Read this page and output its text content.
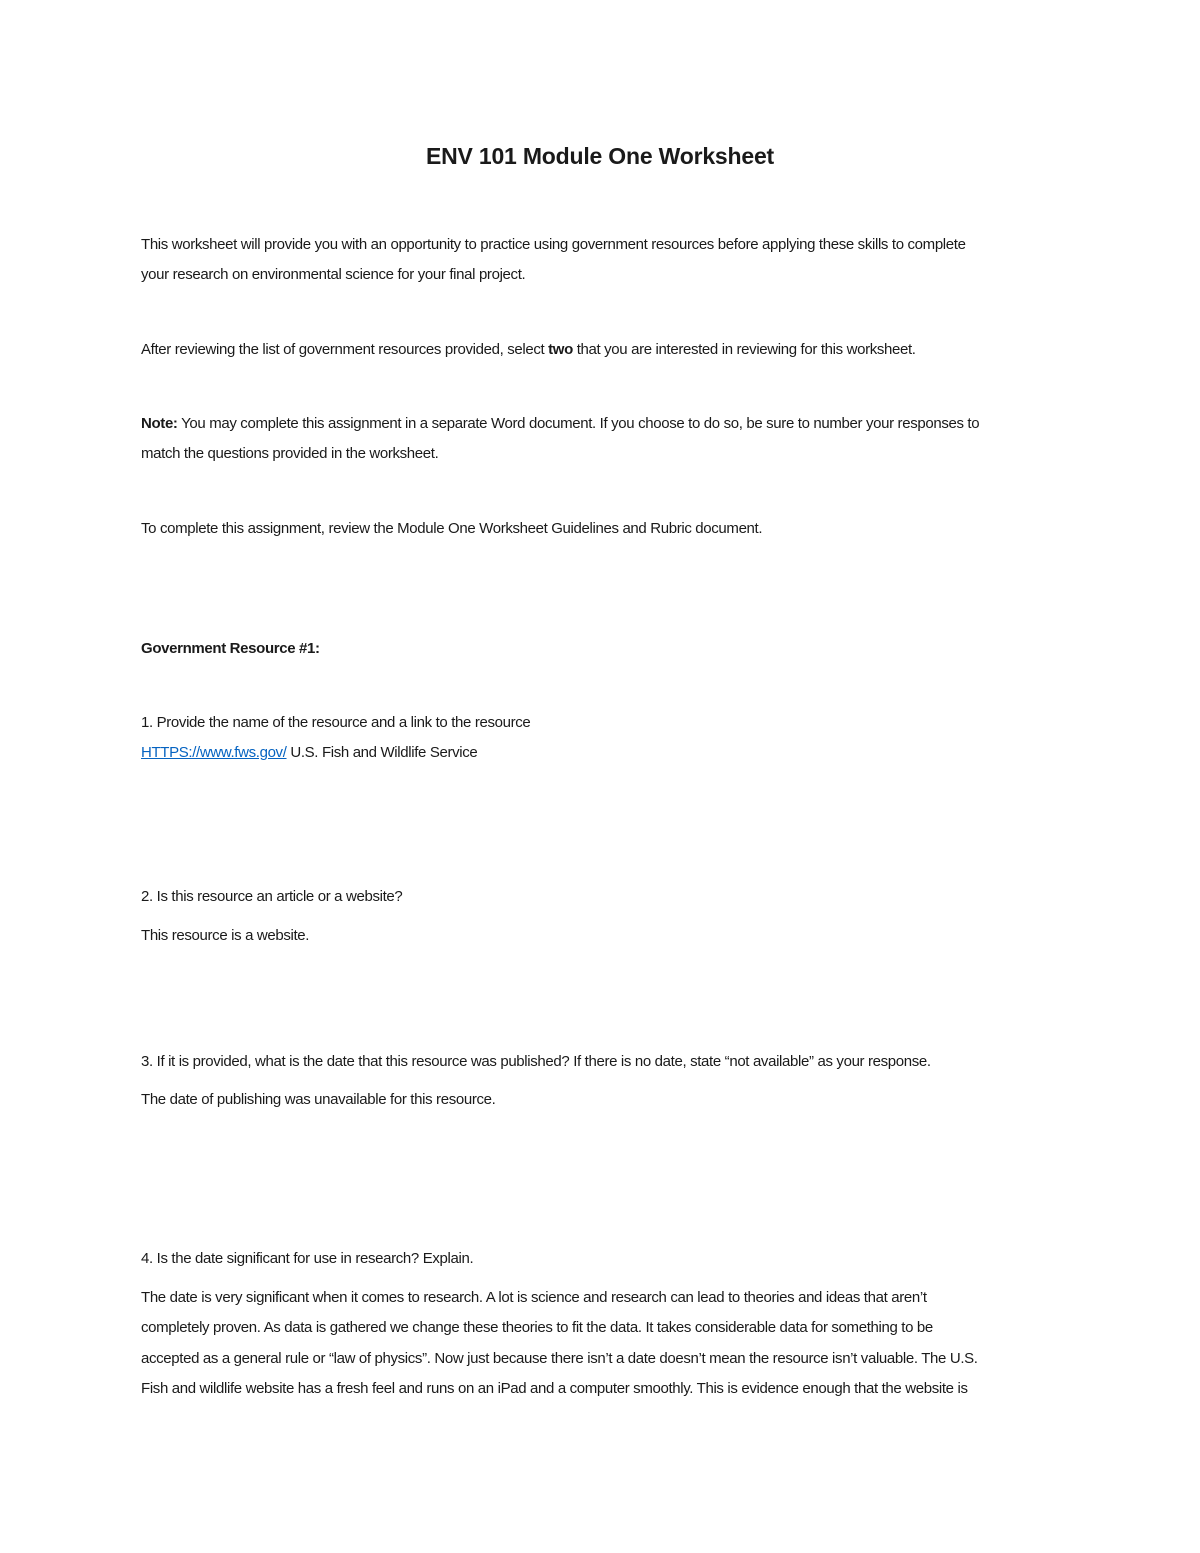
ENV 101 Module One Worksheet
This worksheet will provide you with an opportunity to practice using government resources before applying these skills to complete
your research on environmental science for your final project.
After reviewing the list of government resources provided, select two that you are interested in reviewing for this worksheet.
Note: You may complete this assignment in a separate Word document. If you choose to do so, be sure to number your responses to
match the questions provided in the worksheet.
To complete this assignment, review the Module One Worksheet Guidelines and Rubric document.
Government Resource #1:
1. Provide the name of the resource and a link to the resource
HTTPS://www.fws.gov/ U.S. Fish and Wildlife Service
2. Is this resource an article or a website?
This resource is a website.
3. If it is provided, what is the date that this resource was published? If there is no date, state “not available” as your response.
The date of publishing was unavailable for this resource.
4. Is the date significant for use in research? Explain.
The date is very significant when it comes to research. A lot is science and research can lead to theories and ideas that aren’t
completely proven. As data is gathered we change these theories to fit the data. It takes considerable data for something to be
accepted as a general rule or “law of physics”. Now just because there isn’t a date doesn’t mean the resource isn’t valuable. The U.S.
Fish and wildlife website has a fresh feel and runs on an iPad and a computer smoothly. This is evidence enough that the website is
